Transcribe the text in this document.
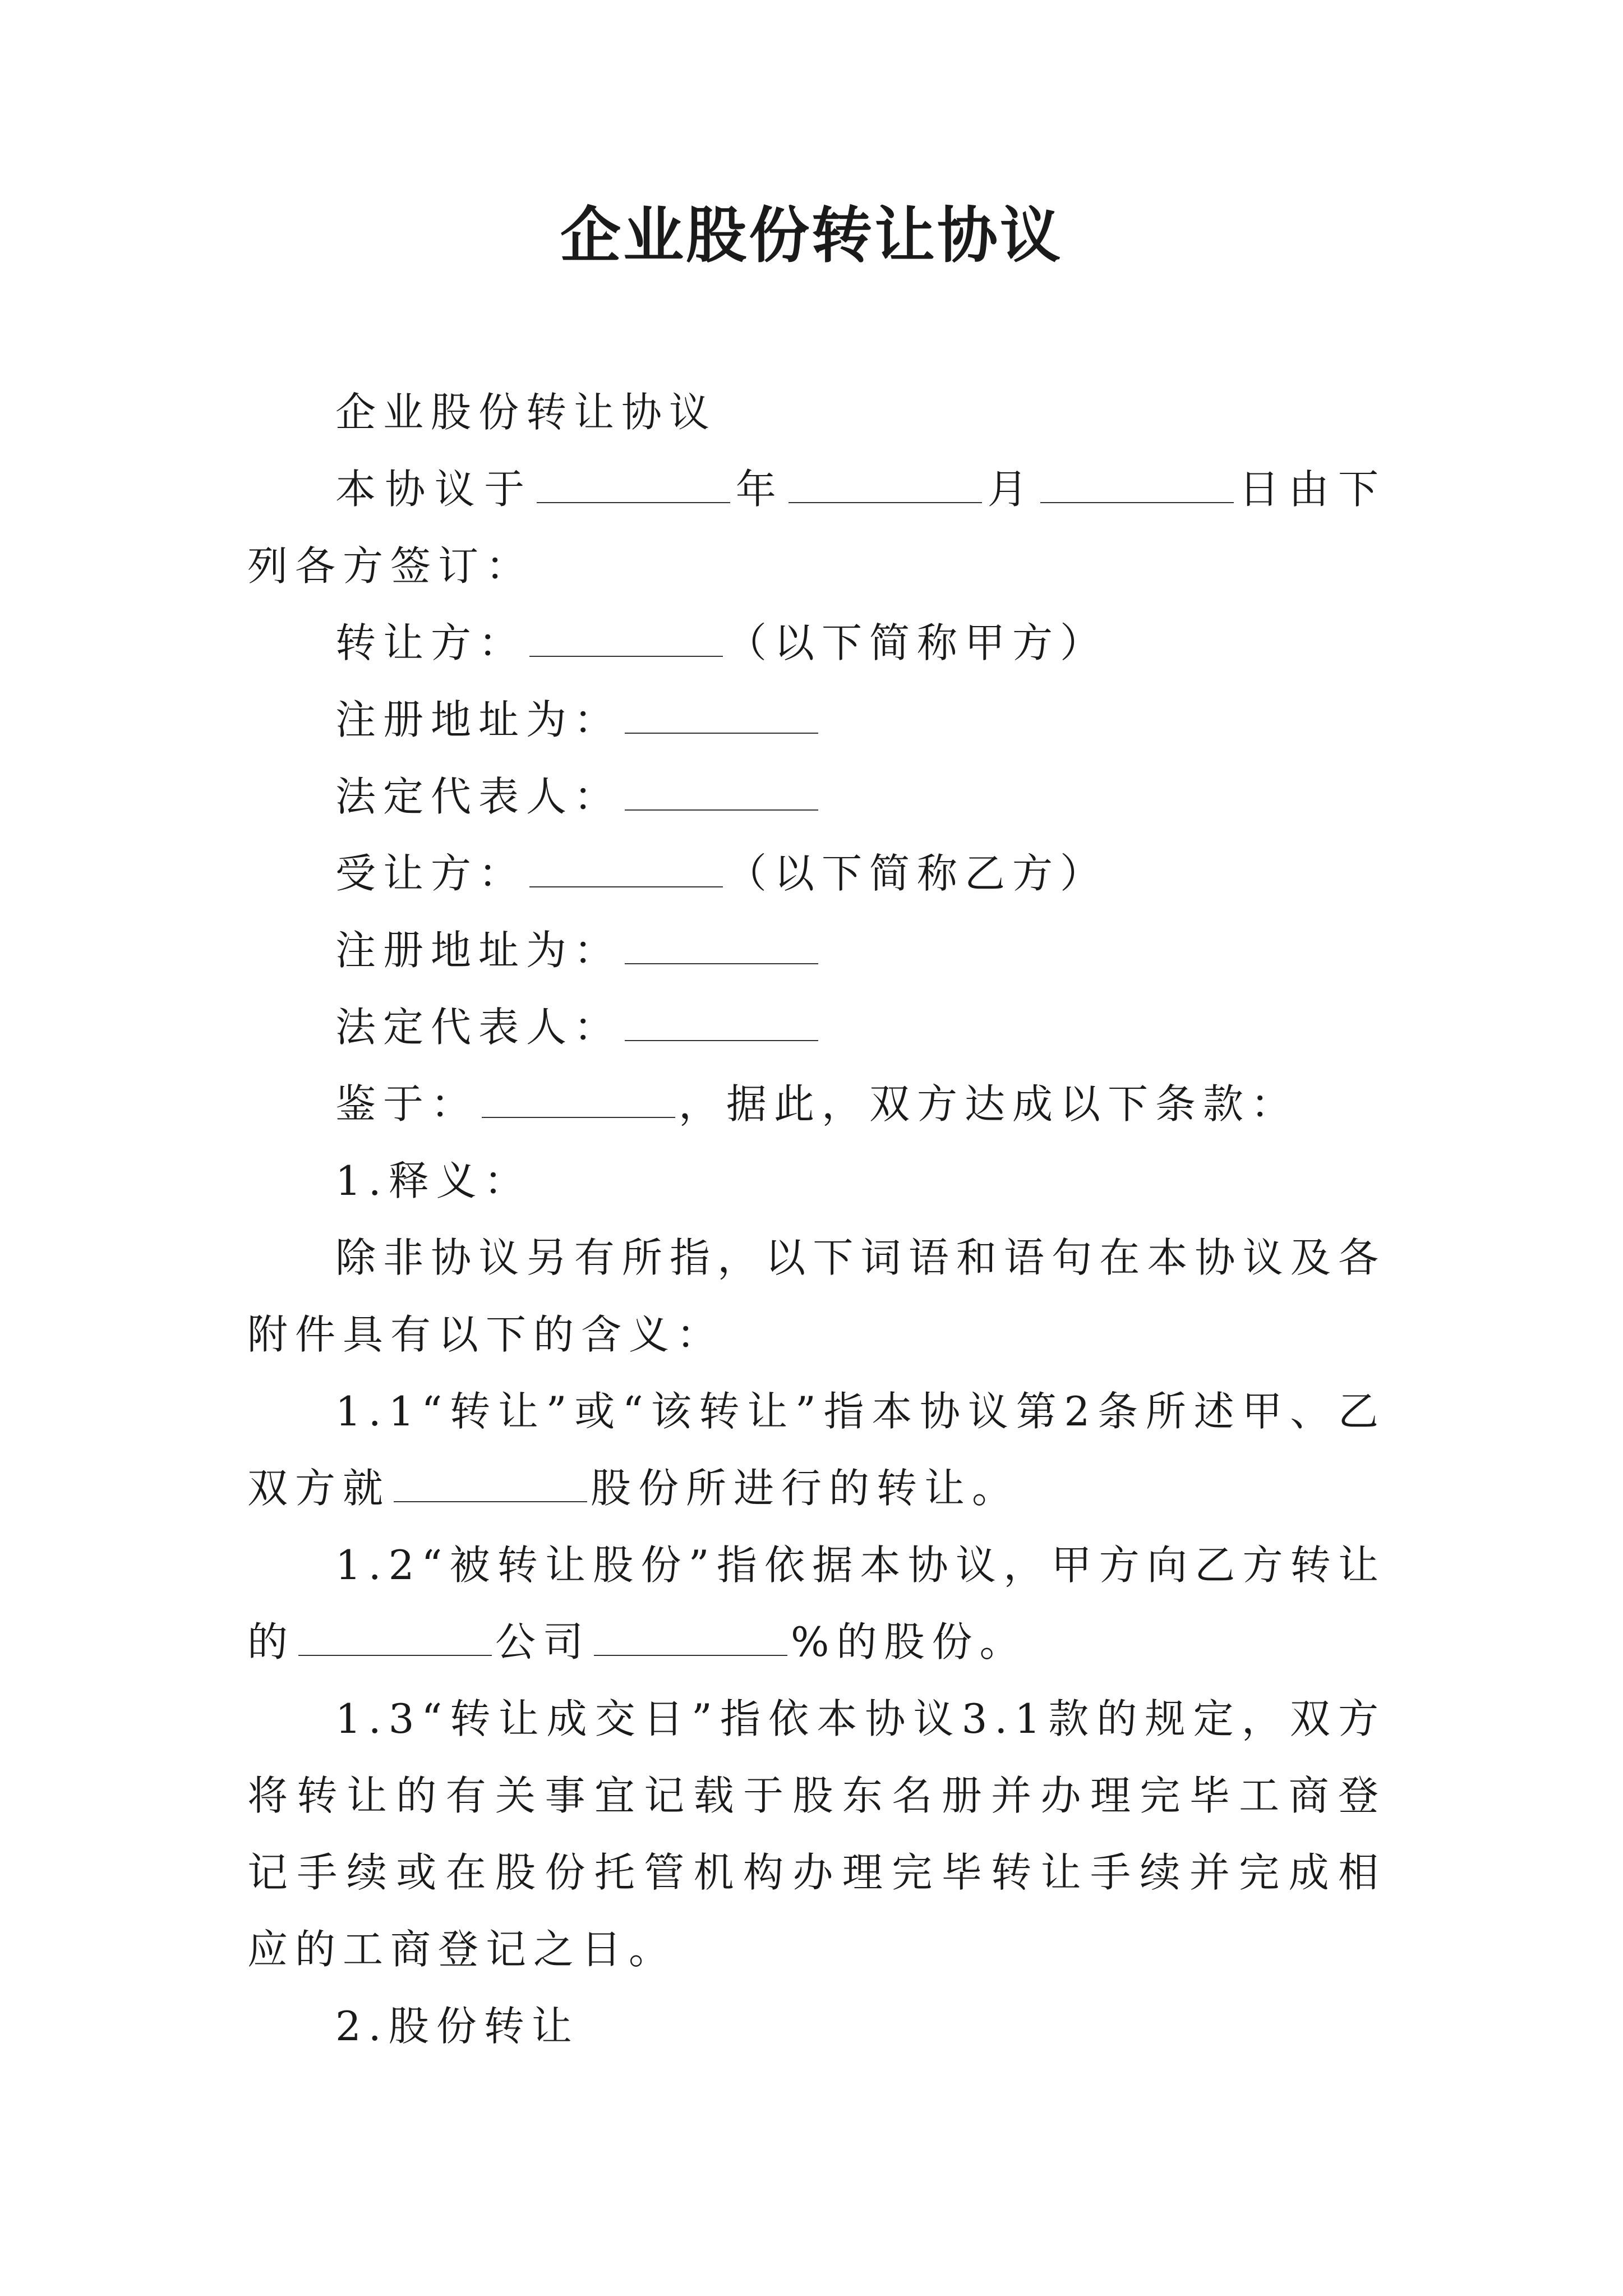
企业股份转让协议

企业股份转让协议

本协议于	年	月	日由下列各方签订：

转让方：	（以下简称甲方）

注册地址为：

法定代表人：

受让方：	（以下简称乙方）

注册地址为：

法定代表人：

鉴于：	，据此，双方达成以下条款：

1.释义：

除非协议另有所指，以下词语和语句在本协议及各附件具有以下的含义：

1.1“转让”或“该转让”指本协议第2条所述甲、乙双方就	股份所进行的转让。

1.2“被转让股份”指依据本协议，甲方向乙方转让的	公司	%的股份。

1.3“转让成交日”指依本协议3.1款的规定，双方将转让的有关事宜记载于股东名册并办理完毕工商登记手续或在股份托管机构办理完毕转让手续并完成相应的工商登记之日。

2.股份转让
